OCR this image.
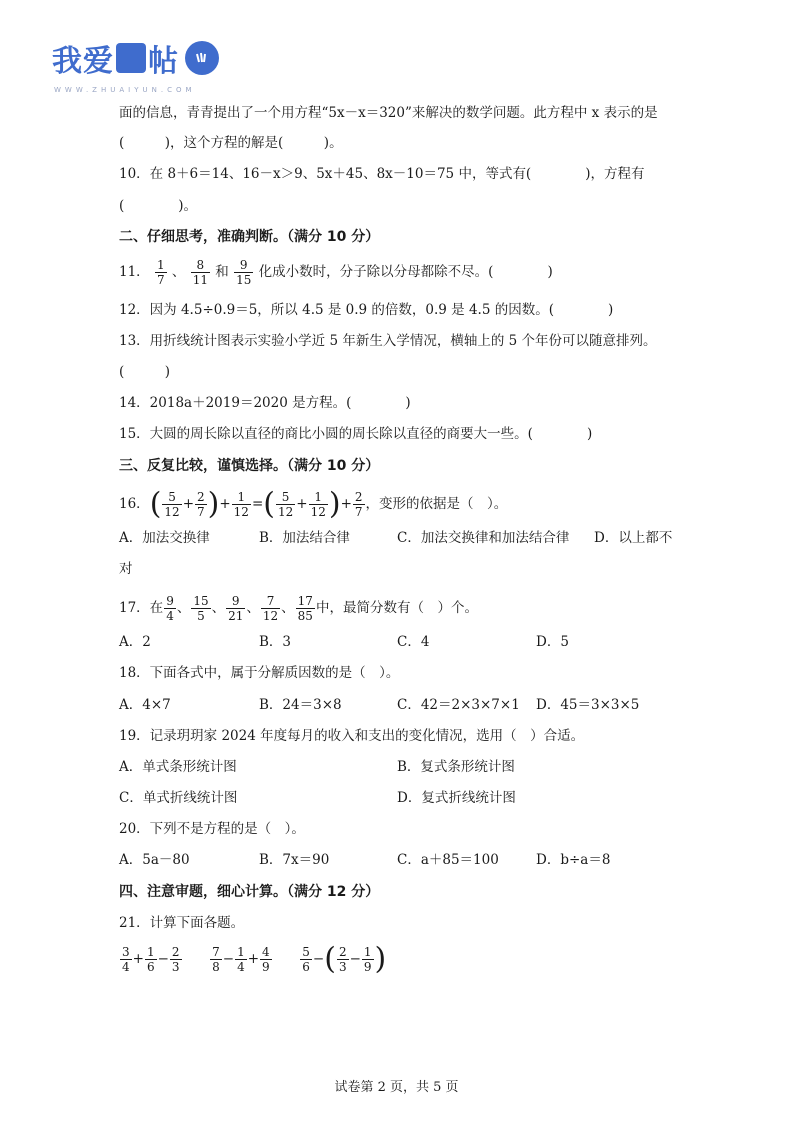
我爱 帖
WWW.ZHUAIYUN.COM
面的信息，青青提出了一个用方程“5x－x＝320”来解决的数学问题。此方程中 x 表示的是
(　　　)，这个方程的解是(　　　)。
10．在 8＋6＝14、16－x＞9、5x＋45、8x－10＝75 中，等式有(　　　　)，方程有
(　　　　)。
二、仔细思考，准确判断。（满分 10 分）
11． $\frac{1}{7}$ 、 $\frac{8}{11}$ 和 $\frac{9}{15}$ 化成小数时，分子除以分母都除不尽。(　　　　)
12．因为 4.5÷0.9＝5，所以 4.5 是 0.9 的倍数，0.9 是 4.5 的因数。(　　　　)
13．用折线统计图表示实验小学近 5 年新生入学情况，横轴上的 5 个年份可以随意排列。
(　　　)
14．2018a＋2019＝2020 是方程。(　　　　)
15．大圆的周长除以直径的商比小圆的周长除以直径的商要大一些。(　　　　)
三、反复比较，谨慎选择。（满分 10 分）
16．( $\frac{5}{12} + \frac{2}{7}$ )+ $\frac{1}{12}$ =( $\frac{5}{12} + \frac{1}{12}$ )+ $\frac{2}{7}$ ，变形的依据是（　）。
A．加法交换律	B．加法结合律	C．加法交换律和加法结合律 D．以上都不
对
17．在 $\frac{9}{4}$ 、 $\frac{15}{5}$ 、 $\frac{9}{21}$ 、 $\frac{7}{12}$ 、 $\frac{17}{85}$ 中，最简分数有（　）个。
A．2	B．3	C．4	D．5
18．下面各式中，属于分解质因数的是（　）。
A．4×7	B．24＝3×8	C．42＝2×3×7×1 D．45＝3×3×5
19．记录玥玥家 2024 年度每月的收入和支出的变化情况，选用（　）合适。
A．单式条形统计图	B．复式条形统计图
C．单式折线统计图	D．复式折线统计图
20．下列不是方程的是（　）。
A．5a－80	B．7x＝90	C．a＋85＝100	D．b÷a＝8
四、注意审题，细心计算。（满分 12 分）
21．计算下面各题。
$\frac{3}{4} + \frac{1}{6} - \frac{2}{3}$
$\frac{7}{8} - \frac{1}{4} + \frac{4}{9}$
$\frac{5}{6}$ −( $\frac{2}{3} - \frac{1}{9}$ )
试卷第 2 页，共 5 页
